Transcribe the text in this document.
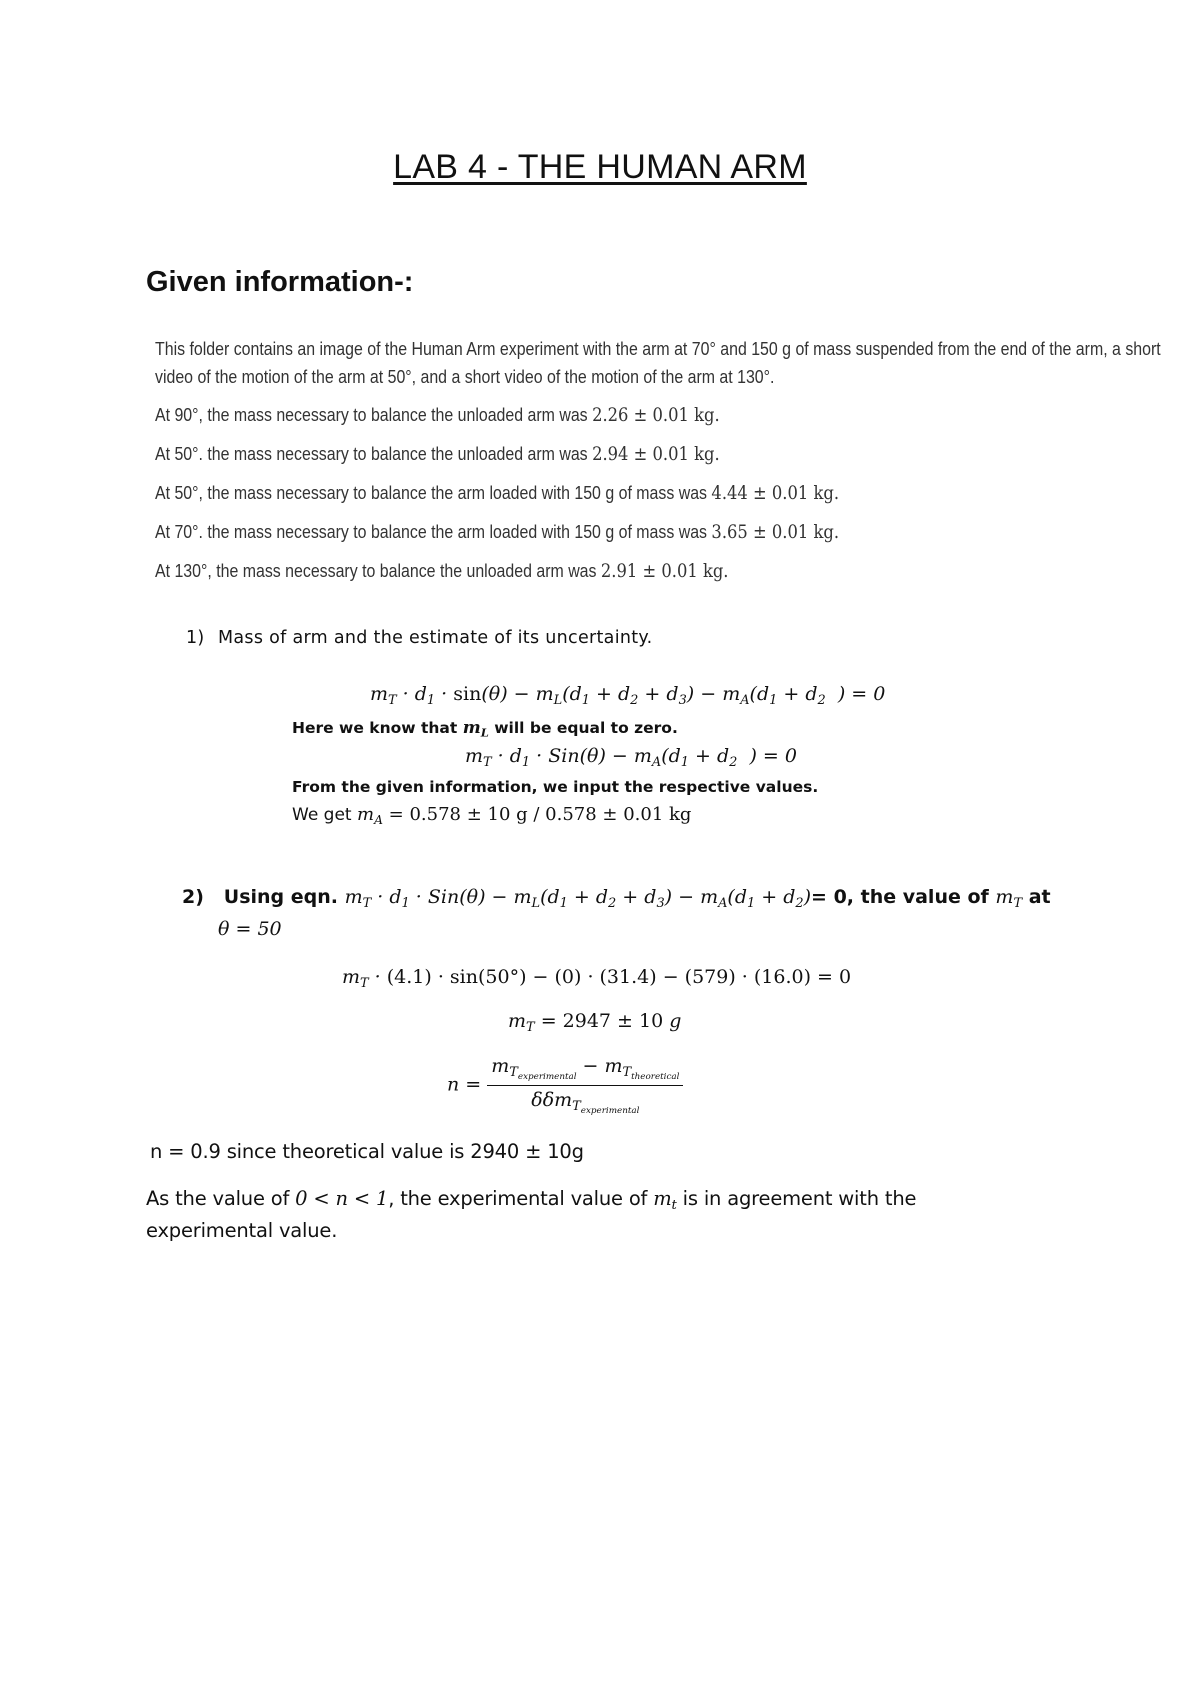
LAB 4 - THE HUMAN ARM
Given information-:
This folder contains an image of the Human Arm experiment with the arm at 70° and 150 g of mass suspended from the end of the arm, a short
video of the motion of the arm at 50°, and a short video of the motion of the arm at 130°.
At 90°, the mass necessary to balance the unloaded arm was 2.26 ± 0.01 kg.
At 50°. the mass necessary to balance the unloaded arm was 2.94 ± 0.01 kg.
At 50°, the mass necessary to balance the arm loaded with 150 g of mass was 4.44 ± 0.01 kg.
At 70°. the mass necessary to balance the arm loaded with 150 g of mass was 3.65 ± 0.01 kg.
At 130°, the mass necessary to balance the unloaded arm was 2.91 ± 0.01 kg.
1) Mass of arm and the estimate of its uncertainty.
$m_T \cdot d_1 \cdot \sin(\theta) - m_L(d_1 + d_2 + d_3) - m_A(d_1 + d_2$  ) = 0
Here we know that $m_L$ will be equal to zero.
$m_T \cdot d_1 \cdot Sin(\theta) - m_A(d_1 + d_2$  ) = 0
From the given information, we input the respective values.
We get $m_A = 0.578 \pm 10$ g / 0.578 ± 0.01 kg
2) Using eqn. $m_T \cdot d_1 \cdot Sin(\theta) - m_L(d_1 + d_2 + d_3) - m_A(d_1 + d_2)= 0$, the value of $m_T$ at
θ = 50
$m_T \cdot (4.1) \cdot \sin(50^\circ) - (0) \cdot (31.4) - (579) \cdot (16.0) = 0$
$m_T = 2947 \pm 10$ g
$n = \frac{m_{T_{experimental}} - m_{T_{theoretical}}}{\delta\delta m_{T_{experimental}}}$
n = 0.9 since theoretical value is 2940 ± 10g
As the value of 0 < n < 1, the experimental value of $m_t$ is in agreement with the
experimental value.
